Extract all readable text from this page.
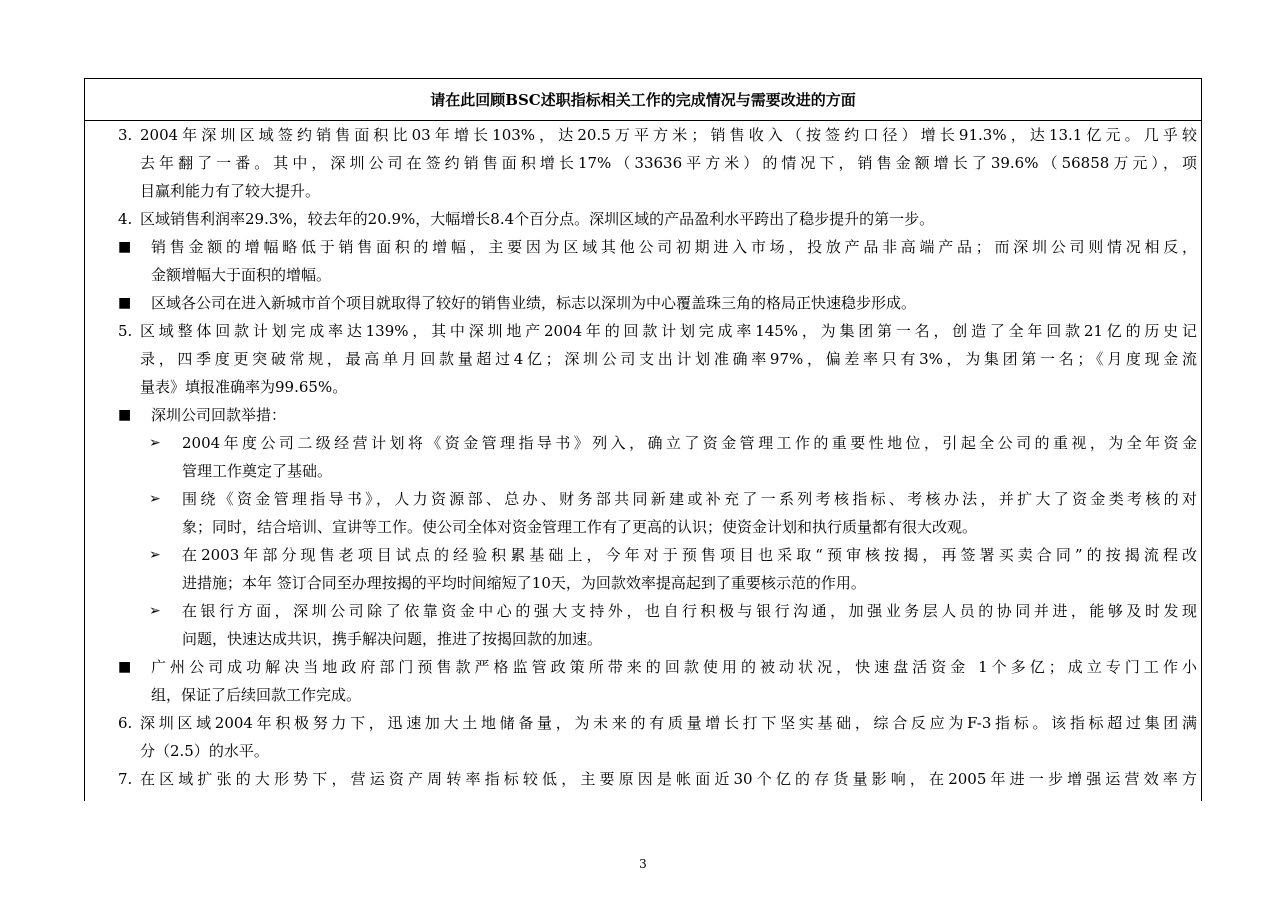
请在此回顾BSC述职指标相关工作的完成情况与需要改进的方面
3. 2004年深圳区域签约销售面积比03年增长103%，达20.5万平方米；销售收入（按签约口径）增长91.3%，达13.1亿元。几乎较
去年翻了一番。其中，深圳公司在签约销售面积增长17%（33636平方米）的情况下，销售金额增长了39.6%（56858万元），项
目赢利能力有了较大提升。
4. 区域销售利润率29.3%，较去年的20.9%，大幅增长8.4个百分点。深圳区域的产品盈利水平跨出了稳步提升的第一步。
■	销售金额的增幅略低于销售面积的增幅，主要因为区域其他公司初期进入市场，投放产品非高端产品；而深圳公司则情况相反，
金额增幅大于面积的增幅。
■ 区域各公司在进入新城市首个项目就取得了较好的销售业绩，标志以深圳为中心覆盖珠三角的格局正快速稳步形成。
5. 区域整体回款计划完成率达139%，其中深圳地产2004年的回款计划完成率145%，为集团第一名，创造了全年回款21亿的历史记
录，四季度更突破常规，最高单月回款量超过4亿；深圳公司支出计划准确率97%，偏差率只有3%，为集团第一名；《月度现金流
量表》填报准确率为99.65%。
■ 深圳公司回款举措：
➢	2004年度公司二级经营计划将《资金管理指导书》列入，确立了资金管理工作的重要性地位，引起全公司的重视，为全年资金
管理工作奠定了基础。
➢	围绕《资金管理指导书》，人力资源部、总办、财务部共同新建或补充了一系列考核指标、考核办法，并扩大了资金类考核的对
象；同时，结合培训、宣讲等工作。使公司全体对资金管理工作有了更高的认识；使资金计划和执行质量都有很大改观。
➢	在2003年部分现售老项目试点的经验积累基础上，今年对于预售项目也采取“预审核按揭，再签署买卖合同”的按揭流程改
进措施；本年 签订合同至办理按揭的平均时间缩短了10天，为回款效率提高起到了重要核示范的作用。
➢	在银行方面，深圳公司除了依靠资金中心的强大支持外，也自行积极与银行沟通，加强业务层人员的协同并进，能够及时发现
问题，快速达成共识，携手解决问题，推进了按揭回款的加速。
■	广州公司成功解决当地政府部门预售款严格监管政策所带来的回款使用的被动状况，快速盘活资金 1个多亿；成立专门工作小
组，保证了后续回款工作完成。
6. 深圳区域2004年积极努力下，迅速加大土地储备量，为未来的有质量增长打下坚实基础，综合反应为F-3指标。该指标超过集团满
分（2.5）的水平。
7. 在区域扩张的大形势下，营运资产周转率指标较低，主要原因是帐面近30个亿的存货量影响，在2005年进一步增强运营效率方
3
